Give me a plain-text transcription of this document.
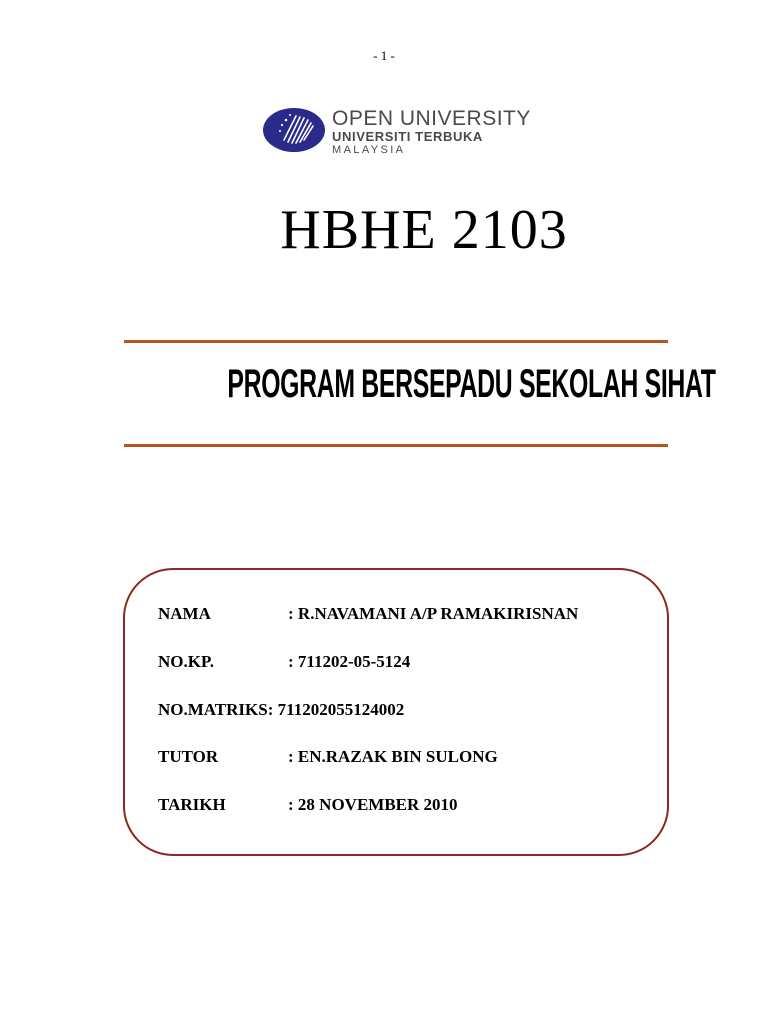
- 1 -
OPEN UNIVERSITY
UNIVERSITI TERBUKA
MALAYSIA
HBHE 2103
PROGRAM BERSEPADU SEKOLAH SIHAT
NAMA	: R.NAVAMANI A/P RAMAKIRISNAN
NO.KP.	: 711202-05-5124
NO.MATRIKS: 711202055124002
TUTOR	: EN.RAZAK BIN SULONG
TARIKH	: 28 NOVEMBER 2010
